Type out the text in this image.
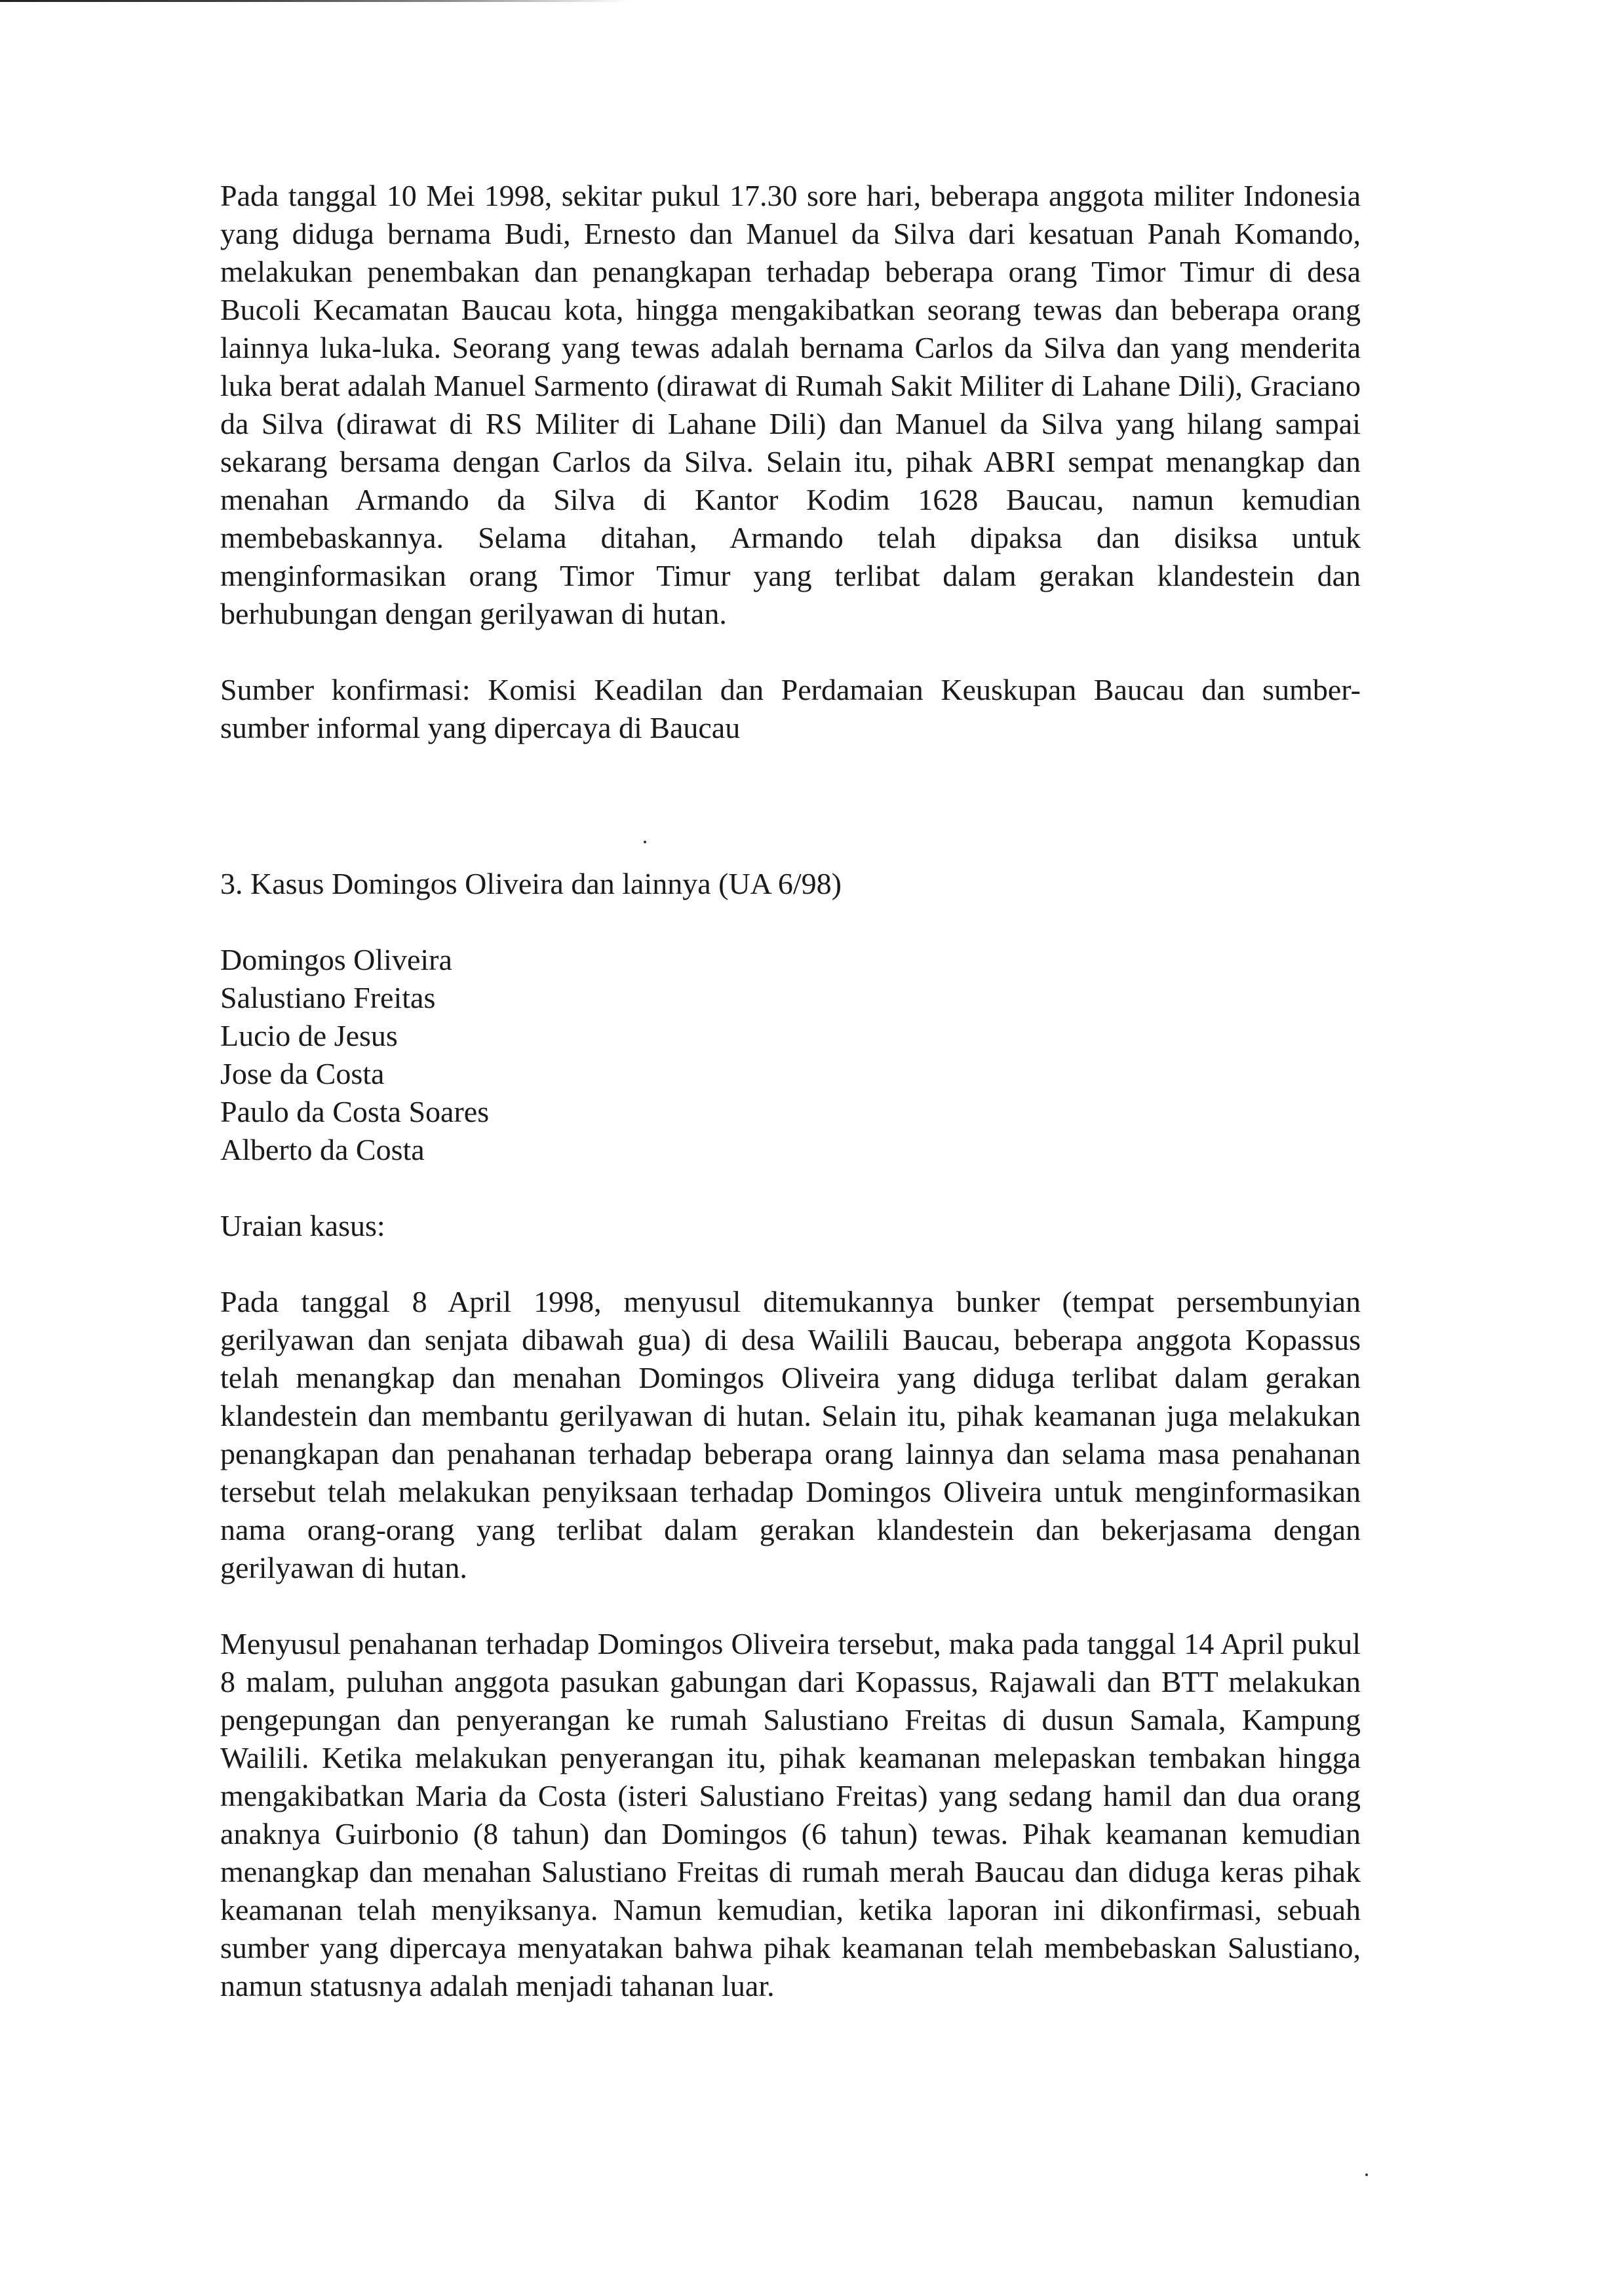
Pada tanggal 10 Mei 1998, sekitar pukul 17.30 sore hari, beberapa anggota militer Indonesia yang diduga bernama Budi, Ernesto dan Manuel da Silva dari kesatuan Panah Komando, melakukan penembakan dan penangkapan terhadap beberapa orang Timor Timur di desa Bucoli Kecamatan Baucau kota, hingga mengakibatkan seorang tewas dan beberapa orang lainnya luka-luka. Seorang yang tewas adalah bernama Carlos da Silva dan yang menderita luka berat adalah Manuel Sarmento (dirawat di Rumah Sakit Militer di Lahane Dili), Graciano da Silva (dirawat di RS Militer di Lahane Dili) dan Manuel da Silva yang hilang sampai sekarang bersama dengan Carlos da Silva. Selain itu, pihak ABRI sempat menangkap dan menahan Armando da Silva di Kantor Kodim 1628 Baucau, namun kemudian membebaskannya. Selama ditahan, Armando telah dipaksa dan disiksa untuk menginformasikan orang Timor Timur yang terlibat dalam gerakan klandestein dan berhubungan dengan gerilyawan di hutan.

Sumber konfirmasi: Komisi Keadilan dan Perdamaian Keuskupan Baucau dan sumber-sumber informal yang dipercaya di Baucau

3. Kasus Domingos Oliveira dan lainnya (UA 6/98)

Domingos Oliveira
Salustiano Freitas
Lucio de Jesus
Jose da Costa
Paulo da Costa Soares
Alberto da Costa

Uraian kasus:

Pada tanggal 8 April 1998, menyusul ditemukannya bunker (tempat persembunyian gerilyawan dan senjata dibawah gua) di desa Wailili Baucau, beberapa anggota Kopassus telah menangkap dan menahan Domingos Oliveira yang diduga terlibat dalam gerakan klandestein dan membantu gerilyawan di hutan. Selain itu, pihak keamanan juga melakukan penangkapan dan penahanan terhadap beberapa orang lainnya dan selama masa penahanan tersebut telah melakukan penyiksaan terhadap Domingos Oliveira untuk menginformasikan nama orang-orang yang terlibat dalam gerakan klandestein dan bekerjasama dengan gerilyawan di hutan.

Menyusul penahanan terhadap Domingos Oliveira tersebut, maka pada tanggal 14 April pukul 8 malam, puluhan anggota pasukan gabungan dari Kopassus, Rajawali dan BTT melakukan pengepungan dan penyerangan ke rumah Salustiano Freitas di dusun Samala, Kampung Wailili. Ketika melakukan penyerangan itu, pihak keamanan melepaskan tembakan hingga mengakibatkan Maria da Costa (isteri Salustiano Freitas) yang sedang hamil dan dua orang anaknya Guirbonio (8 tahun) dan Domingos (6 tahun) tewas. Pihak keamanan kemudian menangkap dan menahan Salustiano Freitas di rumah merah Baucau dan diduga keras pihak keamanan telah menyiksanya. Namun kemudian, ketika laporan ini dikonfirmasi, sebuah sumber yang dipercaya menyatakan bahwa pihak keamanan telah membebaskan Salustiano, namun statusnya adalah menjadi tahanan luar.
